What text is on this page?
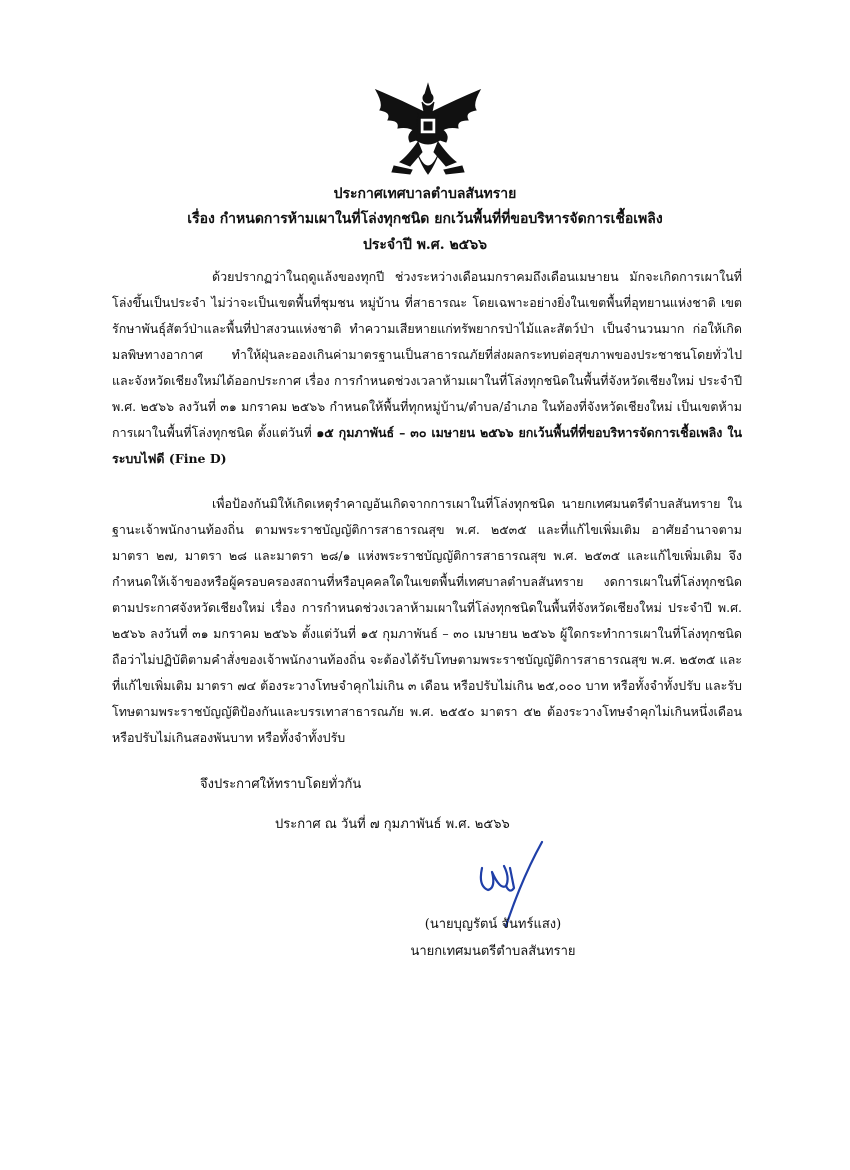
ประกาศเทศบาลตำบลสันทราย
เรื่อง กำหนดการห้ามเผาในที่โล่งทุกชนิด ยกเว้นพื้นที่ที่ขอบริหารจัดการเชื้อเพลิง
ประจำปี พ.ศ. ๒๕๖๖
ด้วยปรากฏว่าในฤดูแล้งของทุกปี ช่วงระหว่างเดือนมกราคมถึงเดือนเมษายน มักจะเกิดการเผาในที่โล่งขึ้นเป็นประจำ ไม่ว่าจะเป็นเขตพื้นที่ชุมชน หมู่บ้าน ที่สาธารณะ โดยเฉพาะอย่างยิ่งในเขตพื้นที่อุทยานแห่งชาติ เขตรักษาพันธุ์สัตว์ป่าและพื้นที่ป่าสงวนแห่งชาติ ทำความเสียหายแก่ทรัพยากรป่าไม้และสัตว์ป่า เป็นจำนวนมาก ก่อให้เกิดมลพิษทางอากาศ ทำให้ฝุ่นละอองเกินค่ามาตรฐานเป็นสาธารณภัยที่ส่งผลกระทบต่อสุขภาพของประชาชนโดยทั่วไป และจังหวัดเชียงใหม่ได้ออกประกาศ เรื่อง การกำหนดช่วงเวลาห้ามเผาในที่โล่งทุกชนิดในพื้นที่จังหวัดเชียงใหม่ ประจำปี พ.ศ. ๒๕๖๖ ลงวันที่ ๓๑ มกราคม ๒๕๖๖ กำหนดให้พื้นที่ทุกหมู่บ้าน/ตำบล/อำเภอ ในท้องที่จังหวัดเชียงใหม่ เป็นเขตห้ามการเผาในพื้นที่โล่งทุกชนิด ตั้งแต่วันที่ ๑๕ กุมภาพันธ์ – ๓๐ เมษายน ๒๕๖๖ ยกเว้นพื้นที่ที่ขอบริหารจัดการเชื้อเพลิง ในระบบไฟดี (Fine D)
เพื่อป้องกันมิให้เกิดเหตุรำคาญอันเกิดจากการเผาในที่โล่งทุกชนิด นายกเทศมนตรีตำบลสันทราย ในฐานะเจ้าพนักงานท้องถิ่น ตามพระราชบัญญัติการสาธารณสุข พ.ศ. ๒๕๓๕ และที่แก้ไขเพิ่มเติม อาศัยอำนาจตามมาตรา ๒๗, มาตรา ๒๘ และมาตรา ๒๘/๑ แห่งพระราชบัญญัติการสาธารณสุข พ.ศ. ๒๕๓๕ และแก้ไขเพิ่มเติม จึงกำหนดให้เจ้าของหรือผู้ครอบครองสถานที่หรือบุคคลใดในเขตพื้นที่เทศบาลตำบลสันทราย งดการเผาในที่โล่งทุกชนิด ตามประกาศจังหวัดเชียงใหม่ เรื่อง การกำหนดช่วงเวลาห้ามเผาในที่โล่งทุกชนิดในพื้นที่จังหวัดเชียงใหม่ ประจำปี พ.ศ. ๒๕๖๖ ลงวันที่ ๓๑ มกราคม ๒๕๖๖ ตั้งแต่วันที่ ๑๕ กุมภาพันธ์ – ๓๐ เมษายน ๒๕๖๖ ผู้ใดกระทำการเผาในที่โล่งทุกชนิดถือว่าไม่ปฏิบัติตามคำสั่งของเจ้าพนักงานท้องถิ่น จะต้องได้รับโทษตามพระราชบัญญัติการสาธารณสุข พ.ศ. ๒๕๓๕ และที่แก้ไขเพิ่มเติม มาตรา ๗๔ ต้องระวางโทษจำคุกไม่เกิน ๓ เดือน หรือปรับไม่เกิน ๒๕,๐๐๐ บาท หรือทั้งจำทั้งปรับ และรับโทษตามพระราชบัญญัติป้องกันและบรรเทาสาธารณภัย พ.ศ. ๒๕๕๐ มาตรา ๕๒ ต้องระวางโทษจำคุกไม่เกินหนึ่งเดือนหรือปรับไม่เกินสองพันบาท หรือทั้งจำทั้งปรับ
จึงประกาศให้ทราบโดยทั่วกัน
ประกาศ ณ วันที่ ๗ กุมภาพันธ์ พ.ศ. ๒๕๖๖
(นายบุญรัตน์ จันทร์แสง)
นายกเทศมนตรีตำบลสันทราย
